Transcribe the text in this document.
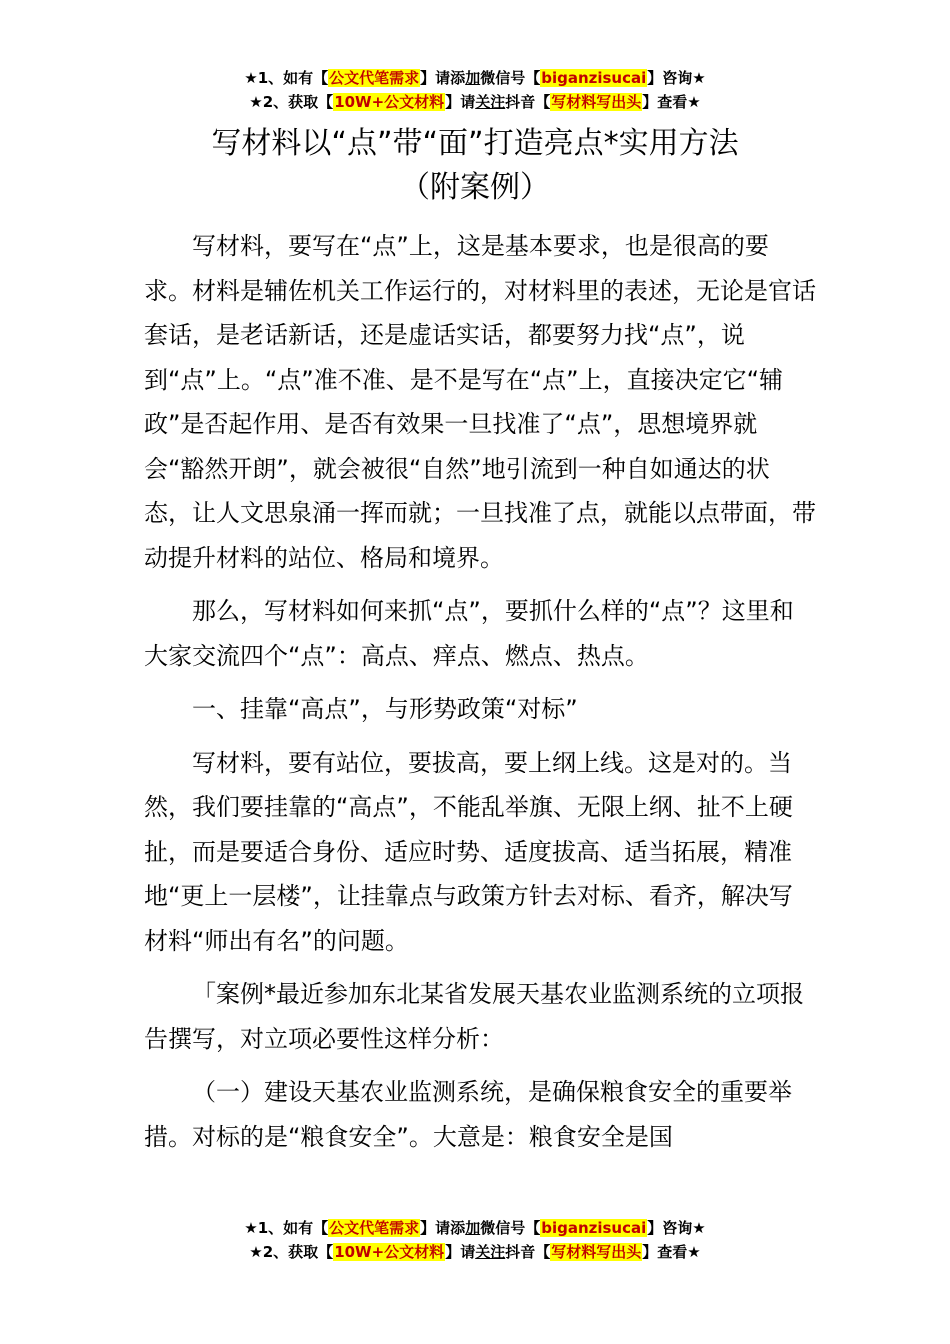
★1、如有【公文代笔需求】请添加微信号【biganzisucai】咨询★
★2、获取【10W+公文材料】请关注抖音【写材料写出头】查看★
写材料以“点”带“面”打造亮点*实用方法
（附案例）

写材料，要写在“点”上，这是基本要求，也是很高的要求。材料是辅佐机关工作运行的，对材料里的表述，无论是官话套话，是老话新话，还是虚话实话，都要努力找“点”，说到“点”上。“点”准不准、是不是写在“点”上，直接决定它“辅政”是否起作用、是否有效果一旦找准了“点”，思想境界就会“豁然开朗”，就会被很“自然”地引流到一种自如通达的状态，让人文思泉涌一挥而就；一旦找准了点，就能以点带面，带动提升材料的站位、格局和境界。

那么，写材料如何来抓“点”，要抓什么样的“点”？这里和大家交流四个“点”：高点、痒点、燃点、热点。

一、挂靠“高点”，与形势政策“对标”

写材料，要有站位，要拔高，要上纲上线。这是对的。当然，我们要挂靠的“高点”，不能乱举旗、无限上纲、扯不上硬扯，而是要适合身份、适应时势、适度拔高、适当拓展，精准地“更上一层楼”，让挂靠点与政策方针去对标、看齐，解决写材料“师出有名”的问题。

「案例*最近参加东北某省发展天基农业监测系统的立项报告撰写，对立项必要性这样分析：

（一）建设天基农业监测系统，是确保粮食安全的重要举措。对标的是“粮食安全”。大意是：粮食安全是国

★1、如有【公文代笔需求】请添加微信号【biganzisucai】咨询★
★2、获取【10W+公文材料】请关注抖音【写材料写出头】查看★
